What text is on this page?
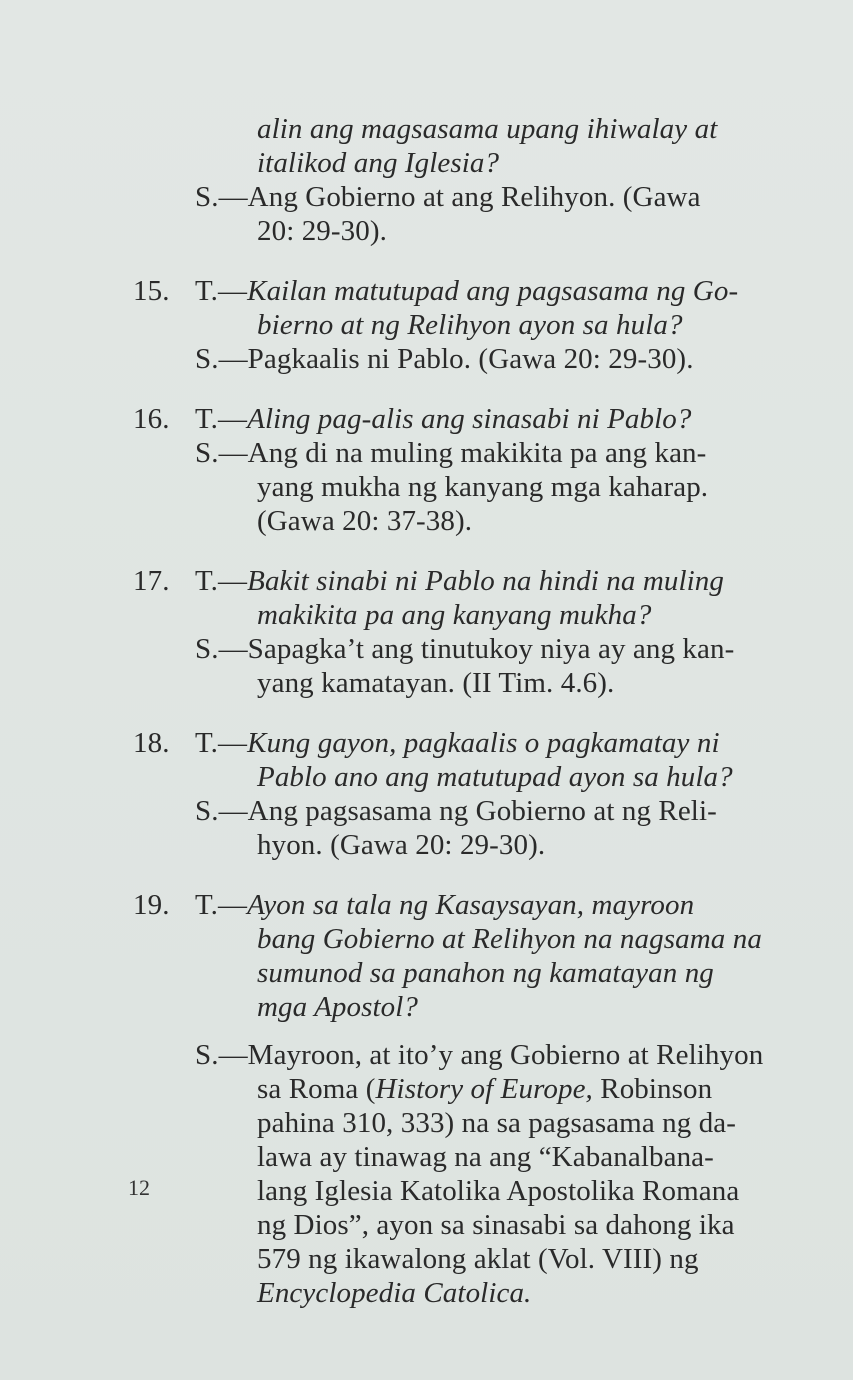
alin ang magsasama upang ihiwalay at
italikod ang Iglesia?
S.—Ang Gobierno at ang Relihyon. (Gawa
20: 29-30).
15. T.—Kailan matutupad ang pagsasama ng Go-
bierno at ng Relihyon ayon sa hula?
S.—Pagkaalis ni Pablo. (Gawa 20: 29-30).
16. T.—Aling pag-alis ang sinasabi ni Pablo?
S.—Ang di na muling makikita pa ang kan-
yang mukha ng kanyang mga kaharap.
(Gawa 20: 37-38).
17. T.—Bakit sinabi ni Pablo na hindi na muling
makikita pa ang kanyang mukha?
S.—Sapagka’t ang tinutukoy niya ay ang kan-
yang kamatayan. (II Tim. 4.6).
18. T.—Kung gayon, pagkaalis o pagkamatay ni
Pablo ano ang matutupad ayon sa hula?
S.—Ang pagsasama ng Gobierno at ng Reli-
hyon. (Gawa 20: 29-30).
19. T.—Ayon sa tala ng Kasaysayan, mayroon
bang Gobierno at Relihyon na nagsama na
sumunod sa panahon ng kamatayan ng
mga Apostol?
S.—Mayroon, at ito’y ang Gobierno at Relihyon
sa Roma (History of Europe, Robinson
pahina 310, 333) na sa pagsasama ng da-
lawa ay tinawag na ang “Kabanalbana-
lang Iglesia Katolika Apostolika Romana
ng Dios”, ayon sa sinasabi sa dahong ika
579 ng ikawalong aklat (Vol. VIII) ng
Encyclopedia Catolica.
12
